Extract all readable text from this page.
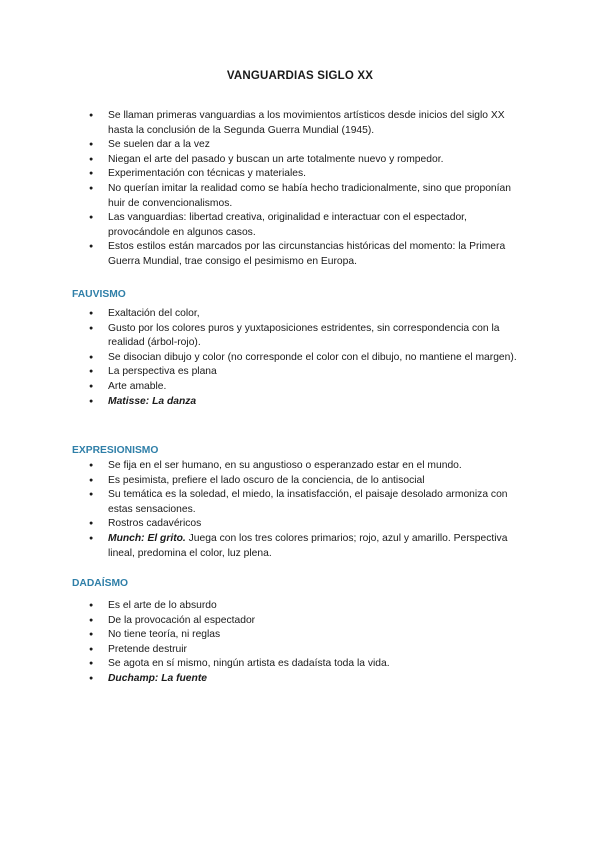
VANGUARDIAS SIGLO XX
● Se llaman primeras vanguardias a los movimientos artísticos desde inicios del siglo XX hasta la conclusión de la Segunda Guerra Mundial (1945).
● Se suelen dar a la vez
● Niegan el arte del pasado y buscan un arte totalmente nuevo y rompedor.
● Experimentación con técnicas y materiales.
● No querían imitar la realidad como se había hecho tradicionalmente, sino que proponían huir de convencionalismos.
● Las vanguardias: libertad creativa, originalidad e interactuar con el espectador, provocándole en algunos casos.
● Estos estilos están marcados por las circunstancias históricas del momento: la Primera Guerra Mundial, trae consigo el pesimismo en Europa.
FAUVISMO
● Exaltación del color,
● Gusto por los colores puros y yuxtaposiciones estridentes, sin correspondencia con la realidad (árbol-rojo).
● Se disocian dibujo y color (no corresponde el color con el dibujo, no mantiene el margen).
● La perspectiva es plana
● Arte amable.
● Matisse: La danza
EXPRESIONISMO
● Se fija en el ser humano, en su angustioso o esperanzado estar en el mundo.
● Es pesimista, prefiere el lado oscuro de la conciencia, de lo antisocial
● Su temática es la soledad, el miedo, la insatisfacción, el paisaje desolado armoniza con estas sensaciones.
● Rostros cadavéricos
● Munch: El grito. Juega con los tres colores primarios; rojo, azul y amarillo. Perspectiva lineal, predomina el color, luz plena.
DADAÍSMO
● Es el arte de lo absurdo
● De la provocación al espectador
● No tiene teoría, ni reglas
● Pretende destruir
● Se agota en sí mismo, ningún artista es dadaísta toda la vida.
● Duchamp: La fuente
